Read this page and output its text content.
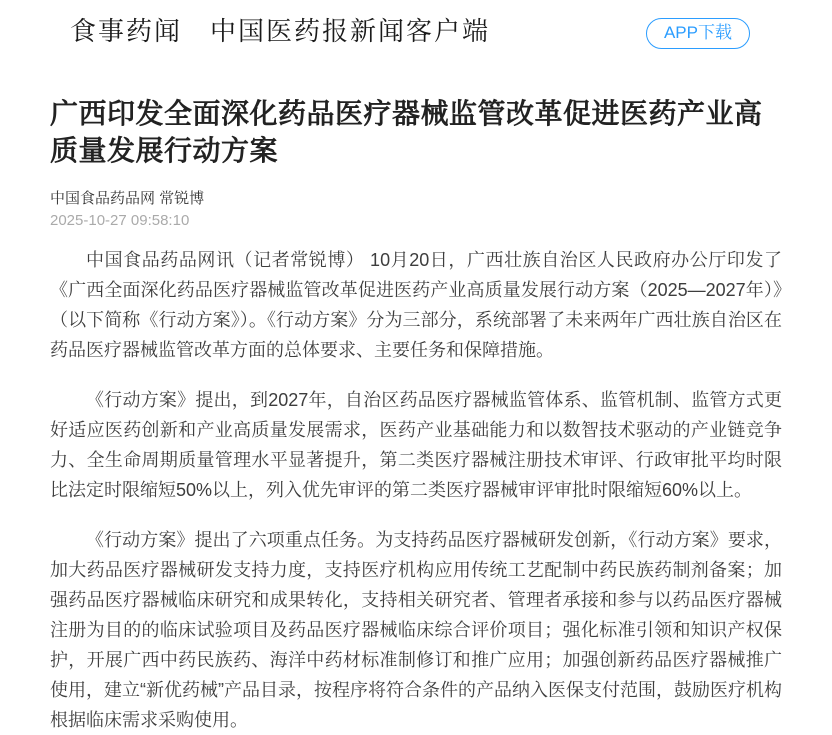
食事药闻　中国医药报新闻客户端	APP下载
广西印发全面深化药品医疗器械监管改革促进医药产业高质量发展行动方案
中国食品药品网 常锐博
2025-10-27 09:58:10

中国食品药品网讯（记者常锐博） 10月20日，广西壮族自治区人民政府办公厅印发了《广西全面深化药品医疗器械监管改革促进医药产业高质量发展行动方案（2025—2027年）》（以下简称《行动方案》）。《行动方案》分为三部分，系统部署了未来两年广西壮族自治区在药品医疗器械监管改革方面的总体要求、主要任务和保障措施。

《行动方案》提出，到2027年，自治区药品医疗器械监管体系、监管机制、监管方式更好适应医药创新和产业高质量发展需求，医药产业基础能力和以数智技术驱动的产业链竞争力、全生命周期质量管理水平显著提升，第二类医疗器械注册技术审评、行政审批平均时限比法定时限缩短50%以上，列入优先审评的第二类医疗器械审评审批时限缩短60%以上。

《行动方案》提出了六项重点任务。为支持药品医疗器械研发创新，《行动方案》要求，加大药品医疗器械研发支持力度，支持医疗机构应用传统工艺配制中药民族药制剂备案；加强药品医疗器械临床研究和成果转化，支持相关研究者、管理者承接和参与以药品医疗器械注册为目的的临床试验项目及药品医疗器械临床综合评价项目；强化标准引领和知识产权保护，开展广西中药民族药、海洋中药材标准制修订和推广应用；加强创新药品医疗器械推广使用，建立“新优药械”产品目录，按程序将符合条件的产品纳入医保支付范围，鼓励医疗机构根据临床需求采购使用。
